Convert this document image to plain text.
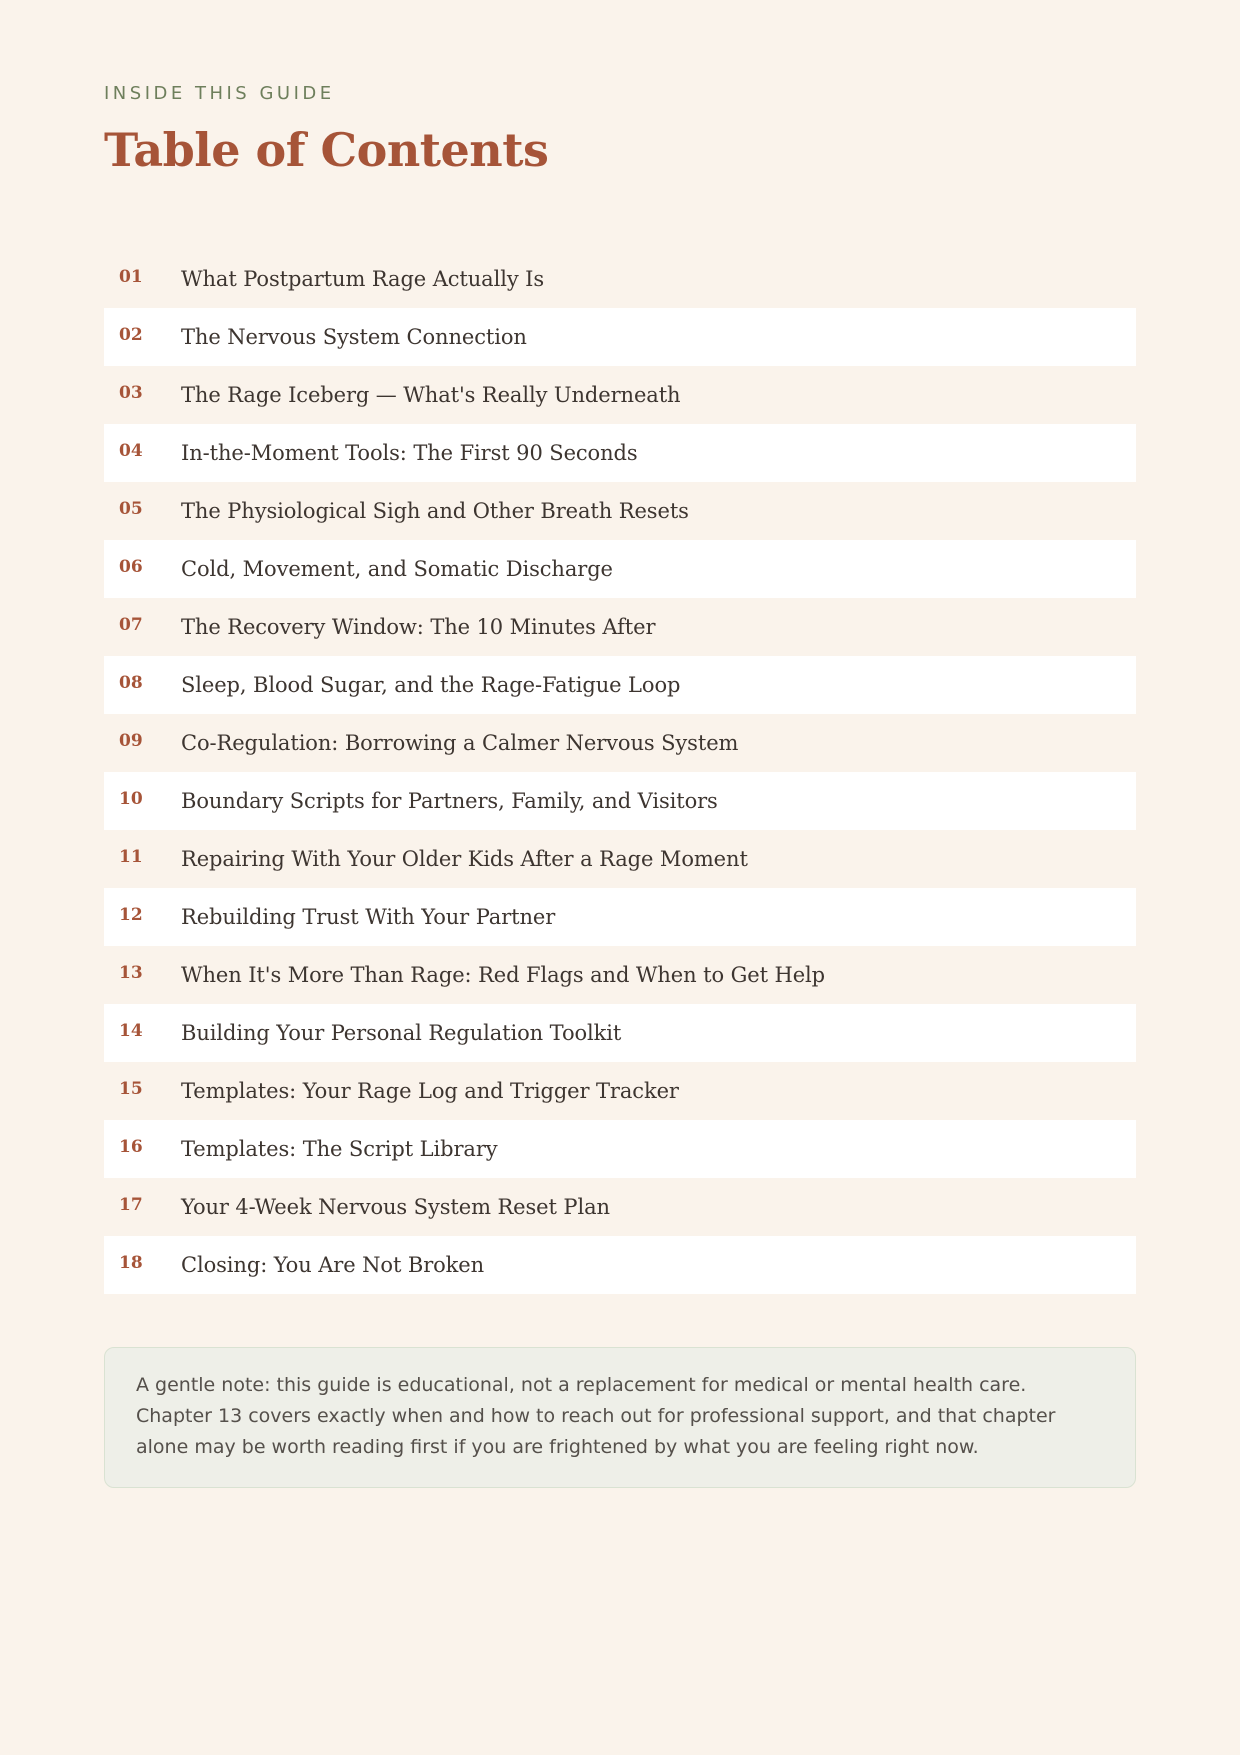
INSIDE THIS GUIDE
Table of Contents
01	What Postpartum Rage Actually Is
02	The Nervous System Connection
03	The Rage Iceberg — What's Really Underneath
04	In-the-Moment Tools: The First 90 Seconds
05	The Physiological Sigh and Other Breath Resets
06	Cold, Movement, and Somatic Discharge
07	The Recovery Window: The 10 Minutes After
08	Sleep, Blood Sugar, and the Rage-Fatigue Loop
09	Co-Regulation: Borrowing a Calmer Nervous System
10	Boundary Scripts for Partners, Family, and Visitors
11	Repairing With Your Older Kids After a Rage Moment
12	Rebuilding Trust With Your Partner
13	When It's More Than Rage: Red Flags and When to Get Help
14	Building Your Personal Regulation Toolkit
15	Templates: Your Rage Log and Trigger Tracker
16	Templates: The Script Library
17	Your 4-Week Nervous System Reset Plan
18	Closing: You Are Not Broken
A gentle note: this guide is educational, not a replacement for medical or mental health care. Chapter 13 covers exactly when and how to reach out for professional support, and that chapter alone may be worth reading first if you are frightened by what you are feeling right now.
